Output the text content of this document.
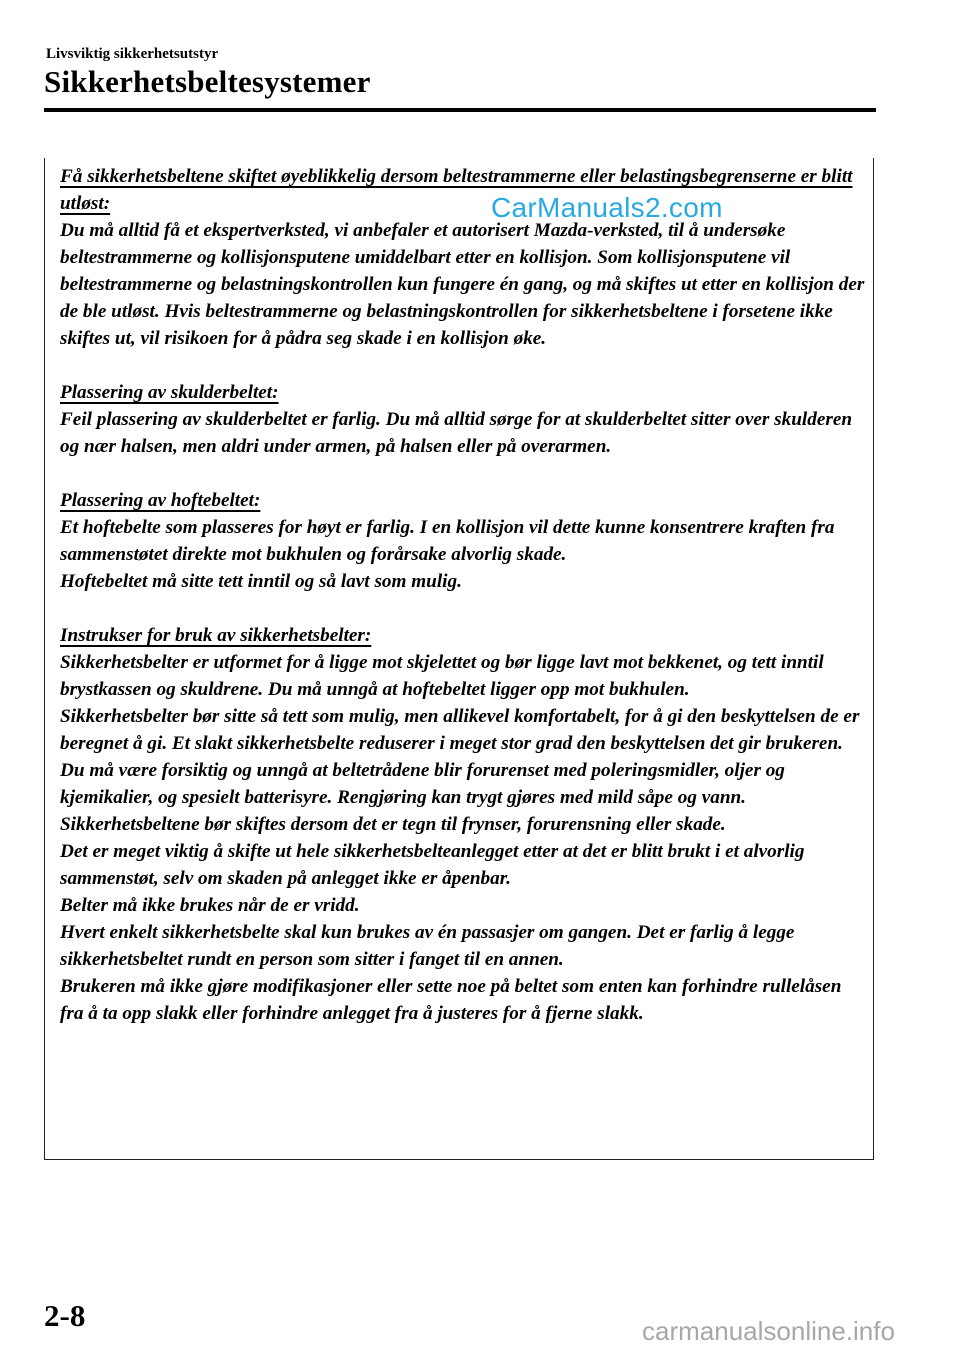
Livsviktig sikkerhetsutstyr
Sikkerhetsbeltesystemer

Få sikkerhetsbeltene skiftet øyeblikkelig dersom beltestrammerne eller belastingsbegrenserne er blitt utløst:

Du må alltid få et ekspertverksted, vi anbefaler et autorisert Mazda-verksted, til å undersøke beltestrammerne og kollisjonsputene umiddelbart etter en kollisjon. Som kollisjonsputene vil beltestrammerne og belastningskontrollen kun fungere én gang, og må skiftes ut etter en kollisjon der de ble utløst. Hvis beltestrammerne og belastningskontrollen for sikkerhetsbeltene i forsetene ikke skiftes ut, vil risikoen for å pådra seg skade i en kollisjon øke.

Plassering av skulderbeltet:

Feil plassering av skulderbeltet er farlig. Du må alltid sørge for at skulderbeltet sitter over skulderen og nær halsen, men aldri under armen, på halsen eller på overarmen.

Plassering av hoftebeltet:

Et hoftebelte som plasseres for høyt er farlig. I en kollisjon vil dette kunne konsentrere kraften fra sammenstøtet direkte mot bukhulen og forårsake alvorlig skade.

Hoftebeltet må sitte tett inntil og så lavt som mulig.

Instrukser for bruk av sikkerhetsbelter:

Sikkerhetsbelter er utformet for å ligge mot skjelettet og bør ligge lavt mot bekkenet, og tett inntil brystkassen og skuldrene. Du må unngå at hoftebeltet ligger opp mot bukhulen.

Sikkerhetsbelter bør sitte så tett som mulig, men allikevel komfortabelt, for å gi den beskyttelsen de er beregnet å gi. Et slakt sikkerhetsbelte reduserer i meget stor grad den beskyttelsen det gir brukeren.

Du må være forsiktig og unngå at beltetrådene blir forurenset med poleringsmidler, oljer og kjemikalier, og spesielt batterisyre. Rengjøring kan trygt gjøres med mild såpe og vann. Sikkerhetsbeltene bør skiftes dersom det er tegn til frynser, forurensning eller skade.

Det er meget viktig å skifte ut hele sikkerhetsbelteanlegget etter at det er blitt brukt i et alvorlig sammenstøt, selv om skaden på anlegget ikke er åpenbar.

Belter må ikke brukes når de er vridd.

Hvert enkelt sikkerhetsbelte skal kun brukes av én passasjer om gangen. Det er farlig å legge sikkerhetsbeltet rundt en person som sitter i fanget til en annen.

Brukeren må ikke gjøre modifikasjoner eller sette noe på beltet som enten kan forhindre rullelåsen fra å ta opp slakk eller forhindre anlegget fra å justeres for å fjerne slakk.

CarManuals2.com
2-8	carmanualsonline.info
